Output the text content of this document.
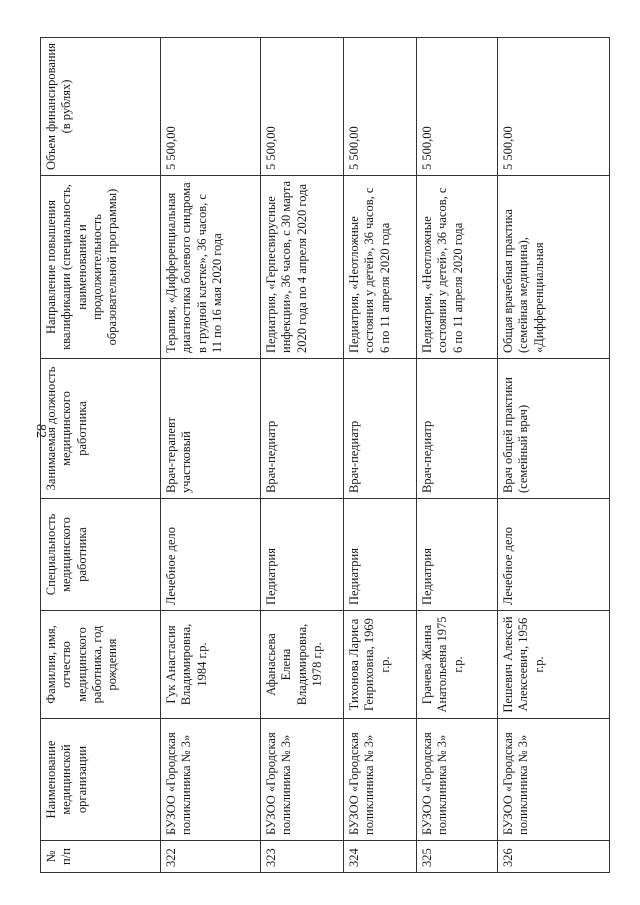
82
№ п/п	Наименование медицинской организации	Фамилия, имя, отчество медицинского работника, год рождения	Специальность медицинского работника	Занимаемая должность медицинского работника	Направление повышения квалификации (специальность, наименование и продолжительность образовательной программы)	Объем финансирования (в рублях)
322	БУЗОО «Городская поликлиника № 3»	Гук Анастасия Владимировна, 1984 г.р.	Лечебное дело	Врач-терапевт участковый	Терапия, «Дифференциальная диагностика болевого синдрома в грудной клетке», 36 часов, с 11 по 16 мая 2020 года	5 500,00
323	БУЗОО «Городская поликлиника № 3»	Афанасьева Елена Владимировна, 1978 г.р.	Педиатрия	Врач-педиатр	Педиатрия, «Герпесвирусные инфекции», 36 часов, с 30 марта 2020 года по 4 апреля 2020 года	5 500,00
324	БУЗОО «Городская поликлиника № 3»	Тихонова Лариса Генриховна, 1969 г.р.	Педиатрия	Врач-педиатр	Педиатрия, «Неотложные состояния у детей», 36 часов, с 6 по 11 апреля 2020 года	5 500,00
325	БУЗОО «Городская поликлиника № 3»	Грачева Жанна Анатольевна 1975 г.р.	Педиатрия	Врач-педиатр	Педиатрия, «Неотложные состояния у детей», 36 часов, с 6 по 11 апреля 2020 года	5 500,00
326	БУЗОО «Городская поликлиника № 3»	Пешевич Алексей Алексеевич, 1956 г.р.	Лечебное дело	Врач общей практики (семейный врач)	Общая врачебная практика (семейная медицина), «Дифференциальная	5 500,00
